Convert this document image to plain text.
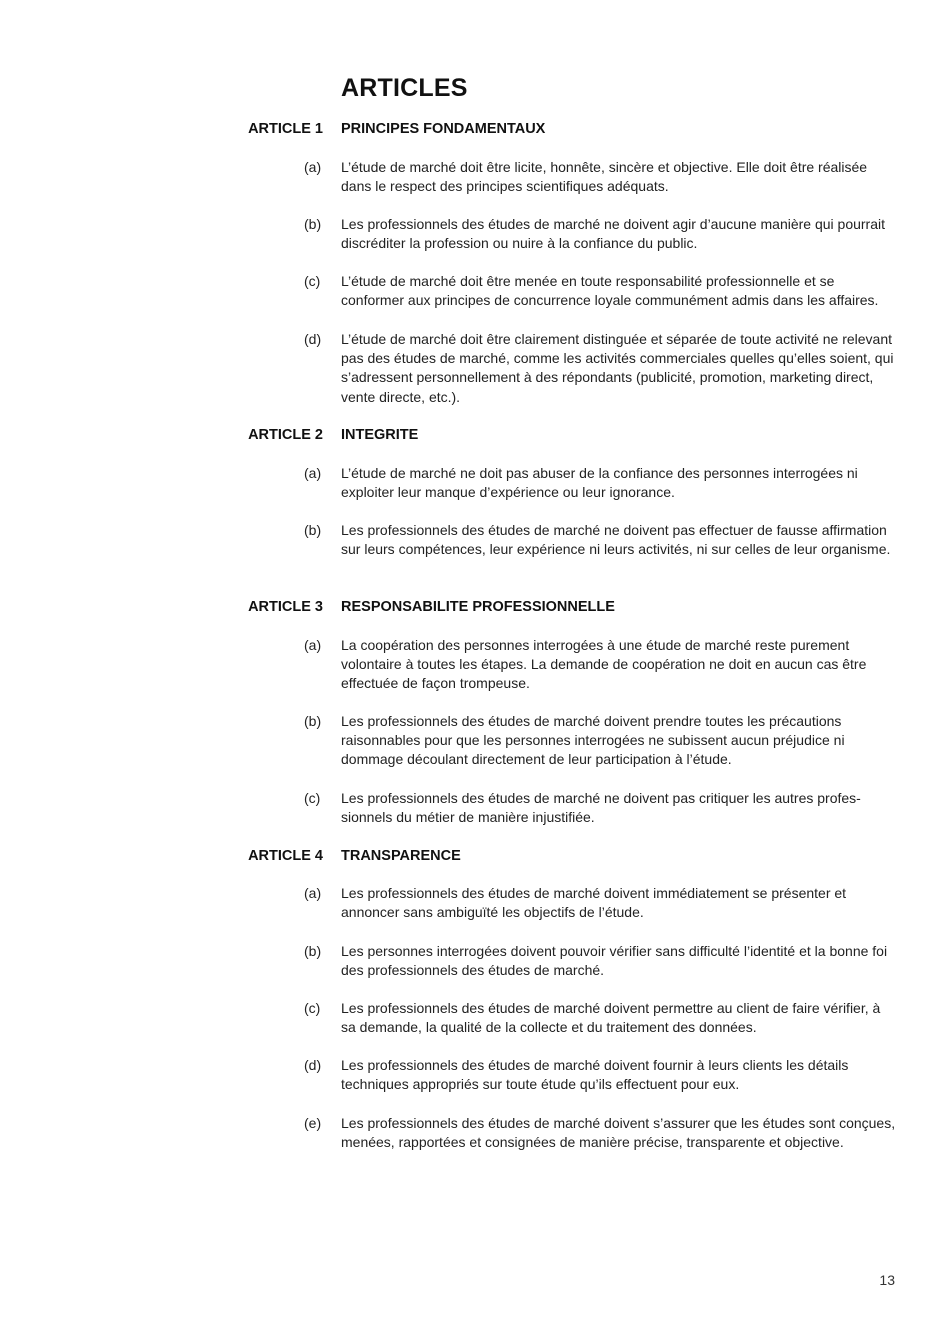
ARTICLES
ARTICLE 1 PRINCIPES FONDAMENTAUX
(a) L’étude de marché doit être licite, honnête, sincère et objective. Elle doit être réalisée dans le respect des principes scientifiques adéquats.

(b) Les professionnels des études de marché ne doivent agir d’aucune manière qui pourrait discréditer la profession ou nuire à la confiance du public.

(c) L’étude de marché doit être menée en toute responsabilité professionnelle et se conformer aux principes de concurrence loyale communément admis dans les affaires.

(d) L’étude de marché doit être clairement distinguée et séparée de toute activité ne relevant pas des études de marché, comme les activités commerciales quelles qu’elles soient, qui s’adressent personnellement à des répondants (publicité, promotion, marketing direct, vente directe, etc.).

ARTICLE 2 INTEGRITE
(a) L’étude de marché ne doit pas abuser de la confiance des personnes interrogées ni exploiter leur manque d’expérience ou leur ignorance.

(b) Les professionnels des études de marché ne doivent pas effectuer de fausse affirmation sur leurs compétences, leur expérience ni leurs activités, ni sur celles de leur organisme.

ARTICLE 3 RESPONSABILITE PROFESSIONNELLE
(a) La coopération des personnes interrogées à une étude de marché reste purement volontaire à toutes les étapes. La demande de coopération ne doit en aucun cas être effectuée de façon trompeuse.

(b) Les professionnels des études de marché doivent prendre toutes les précautions raisonnables pour que les personnes interrogées ne subissent aucun préjudice ni dommage découlant directement de leur participation à l’étude.

(c) Les professionnels des études de marché ne doivent pas critiquer les autres profes-sionnels du métier de manière injustifiée.

ARTICLE 4 TRANSPARENCE
(a) Les professionnels des études de marché doivent immédiatement se présenter et annoncer sans ambiguïté les objectifs de l’étude.

(b) Les personnes interrogées doivent pouvoir vérifier sans difficulté l’identité et la bonne foi des professionnels des études de marché.

(c) Les professionnels des études de marché doivent permettre au client de faire vérifier, à sa demande, la qualité de la collecte et du traitement des données.

(d) Les professionnels des études de marché doivent fournir à leurs clients les détails techniques appropriés sur toute étude qu’ils effectuent pour eux.

(e) Les professionnels des études de marché doivent s’assurer que les études sont conçues, menées, rapportées et consignées de manière précise, transparente et objective.

13
